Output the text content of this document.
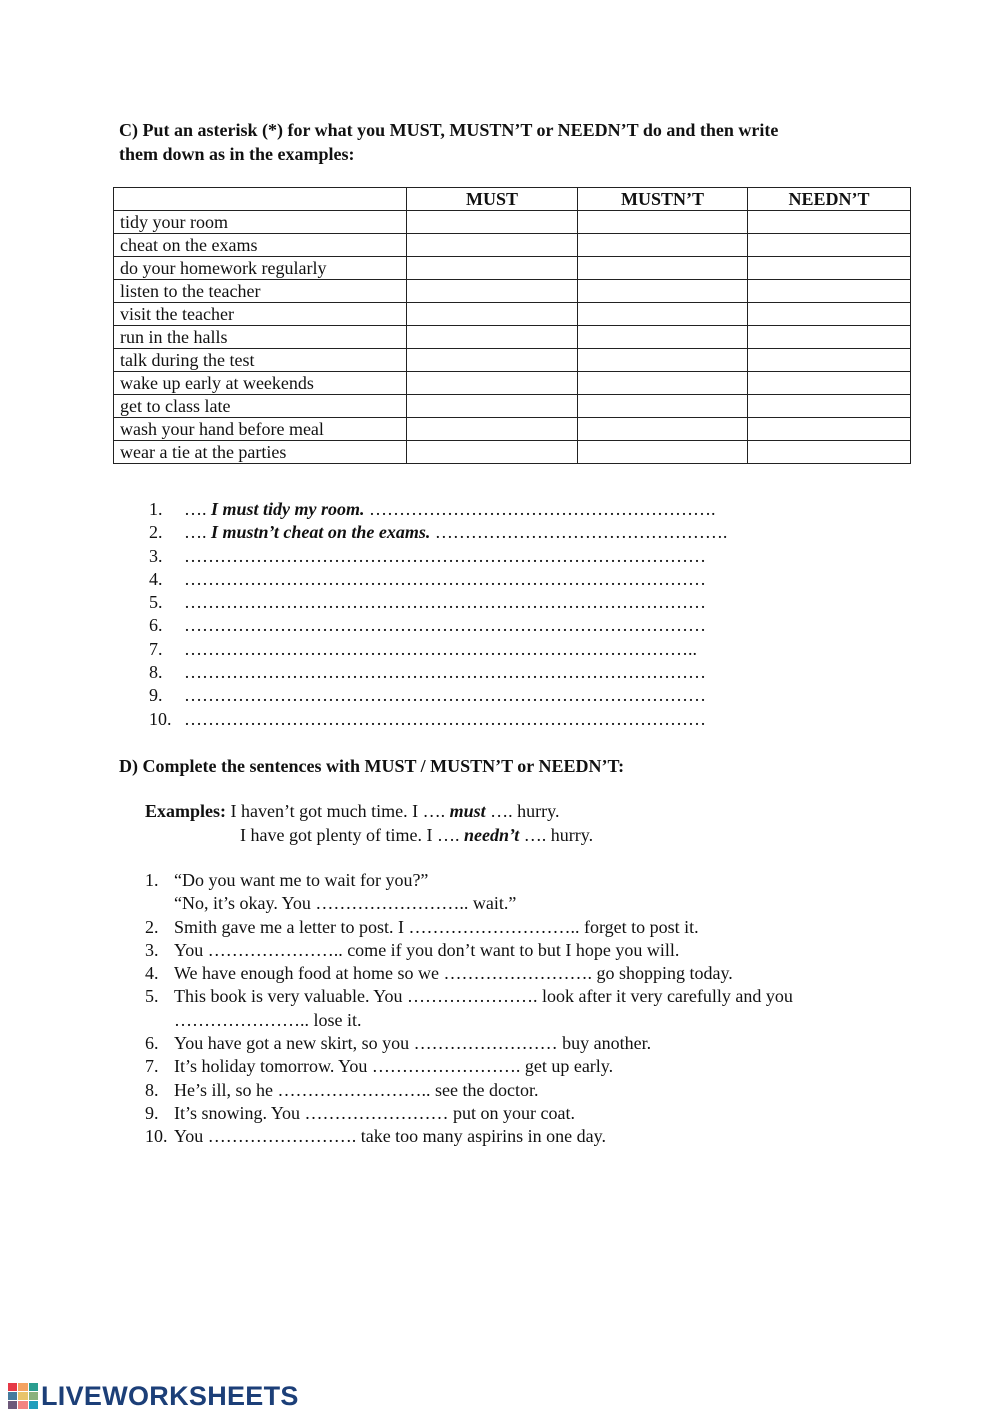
C) Put an asterisk (*) for what you MUST, MUSTN’T or NEEDN’T do and then write
them down as in the examples:
	MUST	MUSTN’T	NEEDN’T
tidy your room			
cheat on the exams			
do your homework regularly			
listen to the teacher			
visit the teacher			
run in the halls			
talk during the test			
wake up early at weekends			
get to class late			
wash your hand before meal			
wear a tie at the parties			
1. …. I must tidy my room. ………………………………………………….
2. …. I mustn’t cheat on the exams. ………………………………………….
3. ……………………………………………………………………………
4. ……………………………………………………………………………
5. ……………………………………………………………………………
6. ……………………………………………………………………………
7. …………………………………………………………………………..
8. ……………………………………………………………………………
9. ……………………………………………………………………………
10. ……………………………………………………………………………
D) Complete the sentences with MUST / MUSTN’T or NEEDN’T:
Examples: I haven’t got much time. I …. must …. hurry.
I have got plenty of time. I …. needn’t …. hurry.
1. “Do you want me to wait for you?”
“No, it’s okay. You …………………….. wait.”
2. Smith gave me a letter to post. I ……………………….. forget to post it.
3. You ………………….. come if you don’t want to but I hope you will.
4. We have enough food at home so we ……………………. go shopping today.
5. This book is very valuable. You …………………. look after it very carefully and you
………………….. lose it.
6. You have got a new skirt, so you …………………… buy another.
7. It’s holiday tomorrow. You ……………………. get up early.
8. He’s ill, so he …………………….. see the doctor.
9. It’s snowing. You …………………… put on your coat.
10. You ……………………. take too many aspirins in one day.
LIVEWORKSHEETS
